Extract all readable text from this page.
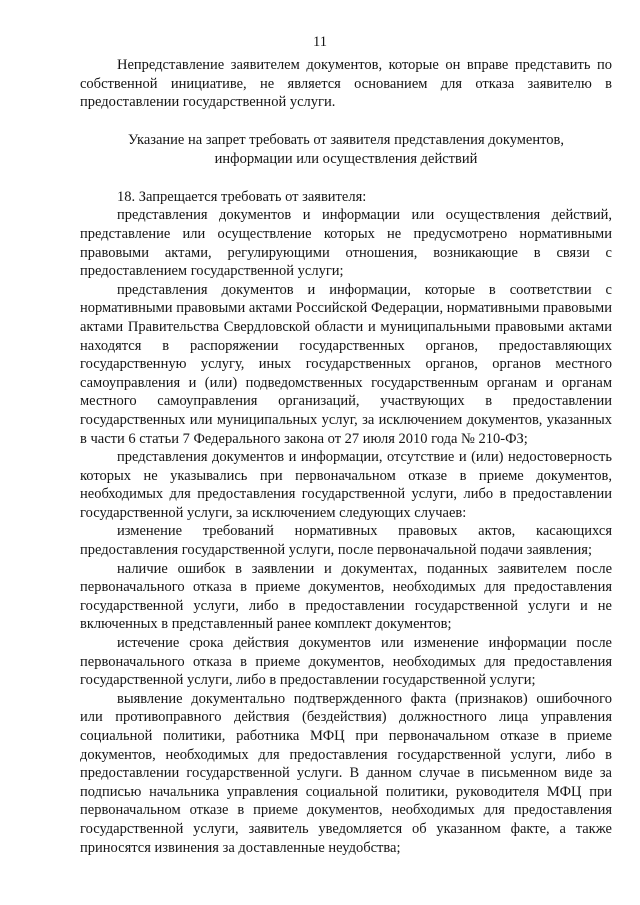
11

Непредставление заявителем документов, которые он вправе представить по собственной инициативе, не является основанием для отказа заявителю в предоставлении государственной услуги.

Указание на запрет требовать от заявителя представления документов,
информации или осуществления действий

18. Запрещается требовать от заявителя:

представления документов и информации или осуществления действий, представление или осуществление которых не предусмотрено нормативными правовыми актами, регулирующими отношения, возникающие в связи с предоставлением государственной услуги;

представления документов и информации, которые в соответствии с нормативными правовыми актами Российской Федерации, нормативными правовыми актами Правительства Свердловской области и муниципальными правовыми актами находятся в распоряжении государственных органов, предоставляющих государственную услугу, иных государственных органов, органов местного самоуправления и (или) подведомственных государственным органам и органам местного самоуправления организаций, участвующих в предоставлении государственных или муниципальных услуг, за исключением документов, указанных в части 6 статьи 7 Федерального закона от 27 июля 2010 года № 210-ФЗ;

представления документов и информации, отсутствие и (или) недостоверность которых не указывались при первоначальном отказе в приеме документов, необходимых для предоставления государственной услуги, либо в предоставлении государственной услуги, за исключением следующих случаев:

изменение требований нормативных правовых актов, касающихся предоставления государственной услуги, после первоначальной подачи заявления;

наличие ошибок в заявлении и документах, поданных заявителем после первоначального отказа в приеме документов, необходимых для предоставления государственной услуги, либо в предоставлении государственной услуги и не включенных в представленный ранее комплект документов;

истечение срока действия документов или изменение информации после первоначального отказа в приеме документов, необходимых для предоставления государственной услуги, либо в предоставлении государственной услуги;

выявление документально подтвержденного факта (признаков) ошибочного или противоправного действия (бездействия) должностного лица управления социальной политики, работника МФЦ при первоначальном отказе в приеме документов, необходимых для предоставления государственной услуги, либо в предоставлении государственной услуги. В данном случае в письменном виде за подписью начальника управления социальной политики, руководителя МФЦ при первоначальном отказе в приеме документов, необходимых для предоставления государственной услуги, заявитель уведомляется об указанном факте, а также приносятся извинения за доставленные неудобства;
